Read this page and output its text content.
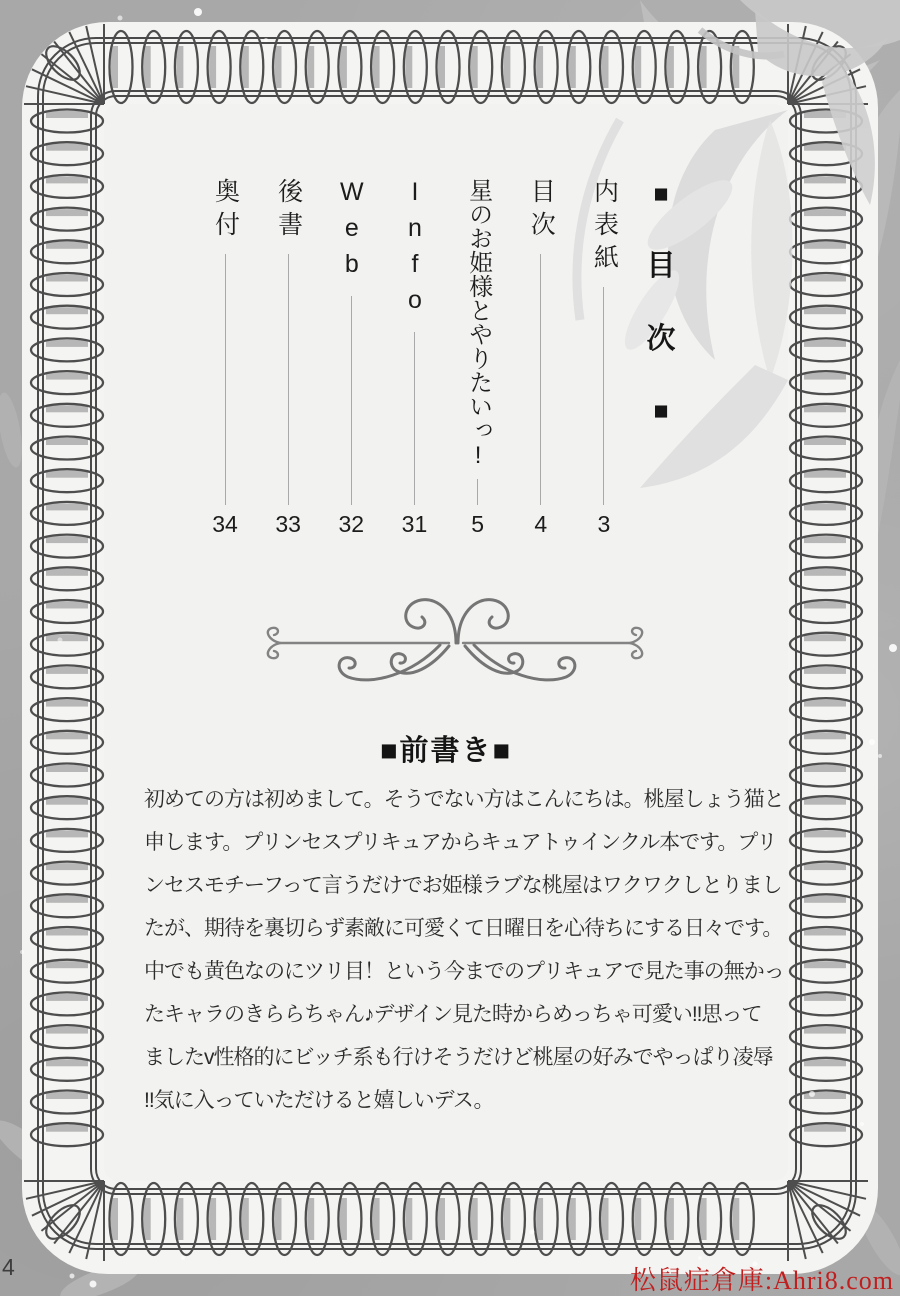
■
目
次
■
内表紙
3
目次
4
星のお姫様とやりたいっ!
5
Info
31
Web
32
後書
33
奥付
34
■前書き■
初めての方は初めまして。そうでない方はこんにちは。桃屋しょう猫と
申します。プリンセスプリキュアからキュアトゥインクル本です。プリ
ンセスモチーフって言うだけでお姫様ラブな桃屋はワクワクしとりまし
たが、期待を裏切らず素敵に可愛くて日曜日を心待ちにする日々です。
中でも黄色なのにツリ目！という今までのプリキュアで見た事の無かっ
たキャラのきららちゃん♪デザイン見た時からめっちゃ可愛い!!思って
ましたv性格的にビッチ系も行けそうだけど桃屋の好みでやっぱり凌辱
!!気に入っていただけると嬉しいデス。
4	松鼠症倉庫:Ahri8.com
